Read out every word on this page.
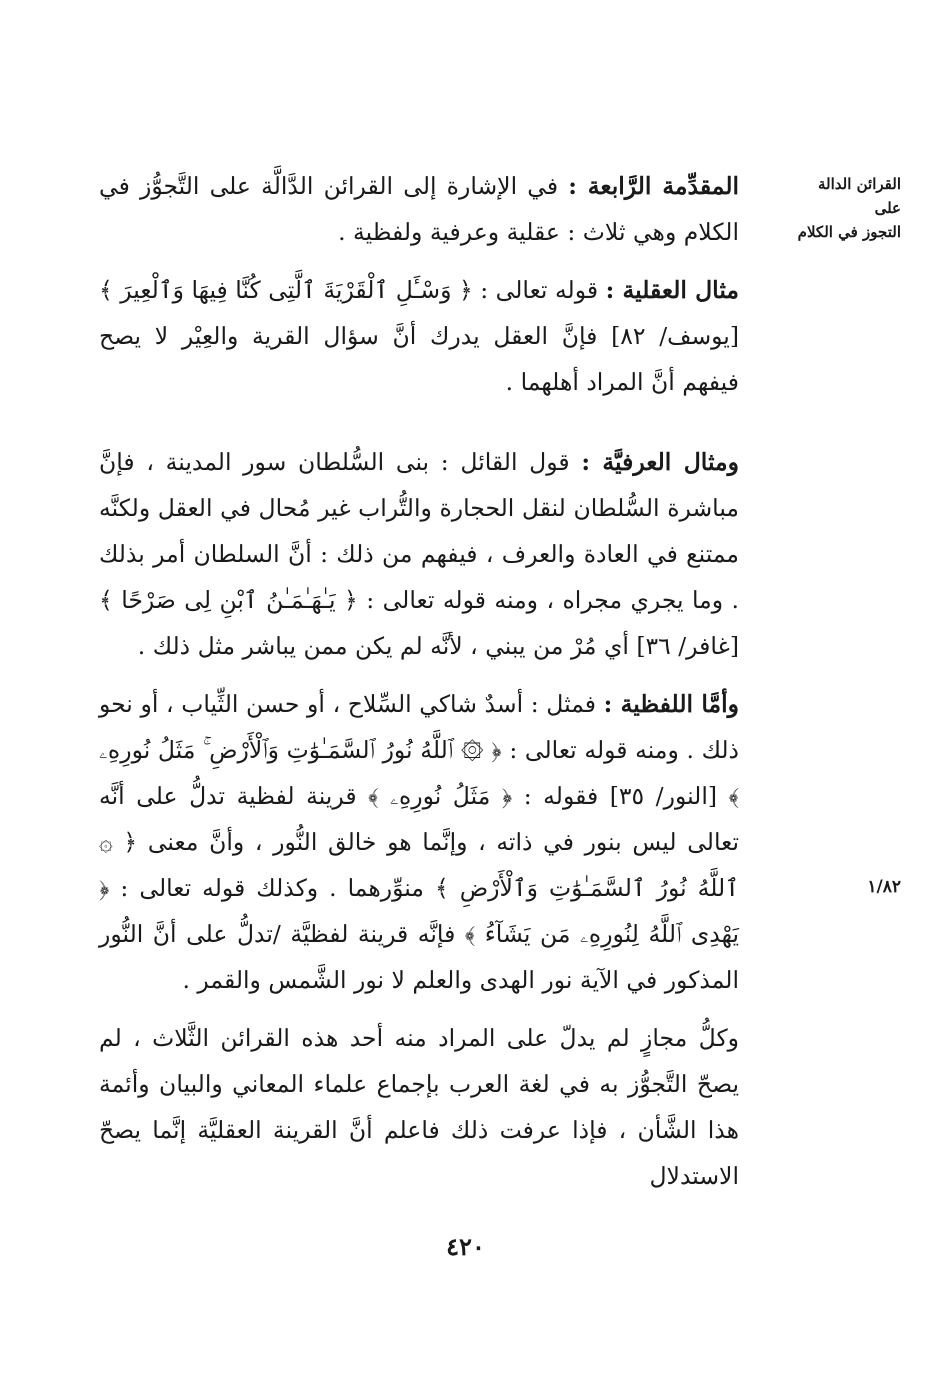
القرائن الدالة على
التجوز في الكلام
١/٨٢

المقدِّمة الرَّابعة : في الإشارة إلى القرائن الدَّالَّة على التَّجوُّز في الكلام وهي ثلاث : عقلية وعرفية ولفظية .

مثال العقلية : قوله تعالى : ﴿ وَسْـَٔلِ ٱلْقَرْيَةَ ٱلَّتِى كُنَّا فِيهَا وَٱلْعِيرَ ﴾ [يوسف/ ٨٢] فإنَّ العقل يدرك أنَّ سؤال القرية والعِيْر لا يصح فيفهم أنَّ المراد أهلهما .

ومثال العرفيَّة : قول القائل : بنى السُّلطان سور المدينة ، فإنَّ مباشرة السُّلطان لنقل الحجارة والتُّراب غير مُحال في العقل ولكنَّه ممتنع في العادة والعرف ، فيفهم من ذلك : أنَّ السلطان أمر بذلك . وما يجري مجراه ، ومنه قوله تعالى : ﴿ يَـٰهَـٰمَـٰنُ ٱبْنِ لِى صَرْحًا ﴾ [غافر/ ٣٦] أي مُرْ من يبني ، لأنَّه لم يكن ممن يباشر مثل ذلك .

وأمَّا اللفظية : فمثل : أسدٌ شاكي السِّلاح ، أو حسن الثِّياب ، أو نحو ذلك . ومنه قوله تعالى : ﴿ ۞ ٱللَّهُ نُورُ ٱلسَّمَـٰوَٰتِ وَٱلْأَرْضِ ۚ مَثَلُ نُورِهِۦ ﴾ [النور/ ٣٥] فقوله : ﴿ مَثَلُ نُورِهِۦ ﴾ قرينة لفظية تدلُّ على أنَّه تعالى ليس بنور في ذاته ، وإنَّما هو خالق النُّور ، وأنَّ معنى ﴿ ۞ ٱللَّهُ نُورُ ٱلسَّمَـٰوَٰتِ وَٱلْأَرْضِ ﴾ منوِّرهما . وكذلك قوله تعالى : ﴿ يَهْدِى ٱللَّهُ لِنُورِهِۦ مَن يَشَآءُ ﴾ فإنَّه قرينة لفظيَّة /تدلُّ على أنَّ النُّور المذكور في الآية نور الهدى والعلم لا نور الشَّمس والقمر .

وكلُّ مجازٍ لم يدلّ على المراد منه أحد هذه القرائن الثَّلاث ، لم يصحّ التَّجوُّز به في لغة العرب بإجماع علماء المعاني والبيان وأئمة هذا الشَّأن ، فإذا عرفت ذلك فاعلم أنَّ القرينة العقليَّة إنَّما يصحّ الاستدلال

٤٢٠
